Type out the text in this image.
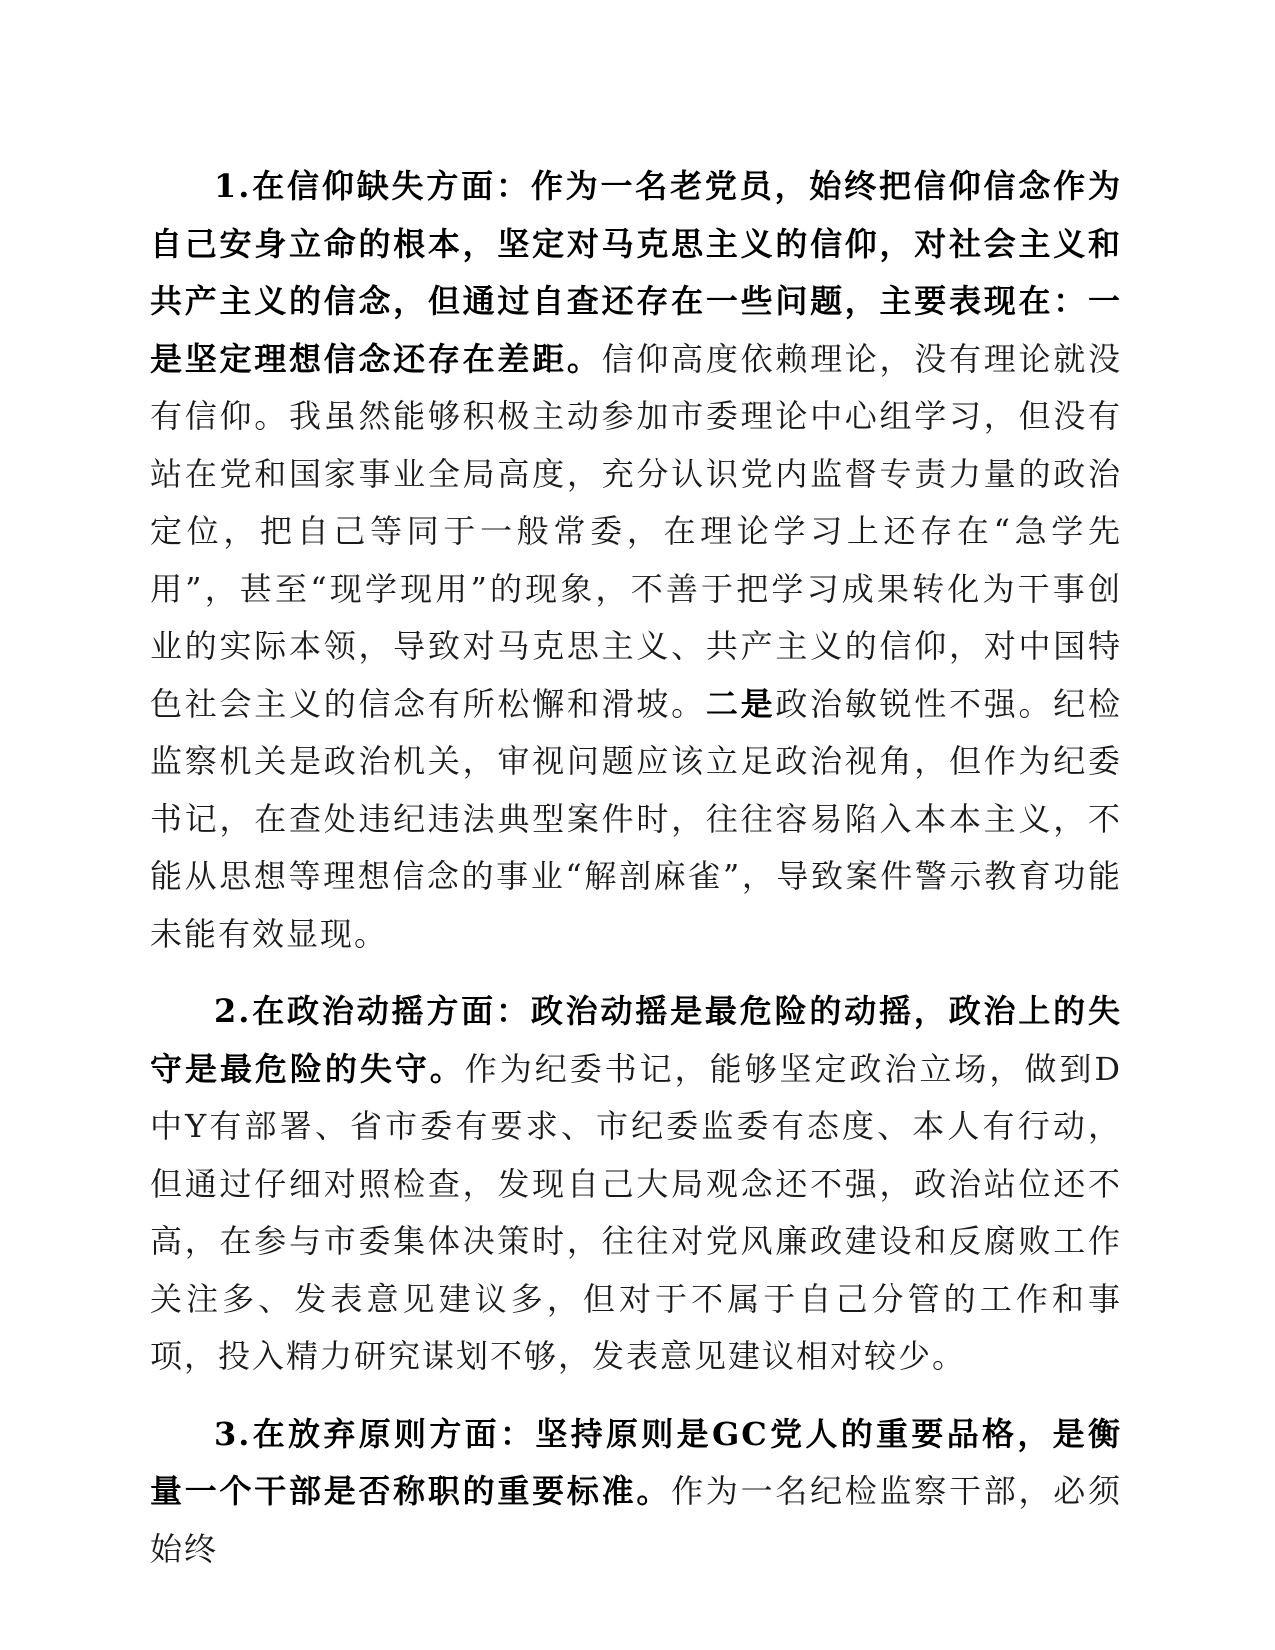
1.在信仰缺失方面：作为一名老党员，始终把信仰信念作为自己安身立命的根本，坚定对马克思主义的信仰，对社会主义和共产主义的信念，但通过自查还存在一些问题，主要表现在：一是坚定理想信念还存在差距。信仰高度依赖理论，没有理论就没有信仰。我虽然能够积极主动参加市委理论中心组学习，但没有站在党和国家事业全局高度，充分认识党内监督专责力量的政治定位，把自己等同于一般常委，在理论学习上还存在“急学先用”，甚至“现学现用”的现象，不善于把学习成果转化为干事创业的实际本领，导致对马克思主义、共产主义的信仰，对中国特色社会主义的信念有所松懈和滑坡。二是政治敏锐性不强。纪检监察机关是政治机关，审视问题应该立足政治视角，但作为纪委书记，在查处违纪违法典型案件时，往往容易陷入本本主义，不能从思想等理想信念的事业“解剖麻雀”，导致案件警示教育功能未能有效显现。

2.在政治动摇方面：政治动摇是最危险的动摇，政治上的失守是最危险的失守。作为纪委书记，能够坚定政治立场，做到D中Y有部署、省市委有要求、市纪委监委有态度、本人有行动，但通过仔细对照检查，发现自己大局观念还不强，政治站位还不高，在参与市委集体决策时，往往对党风廉政建设和反腐败工作关注多、发表意见建议多，但对于不属于自己分管的工作和事项，投入精力研究谋划不够，发表意见建议相对较少。

3.在放弃原则方面：坚持原则是GC党人的重要品格，是衡量一个干部是否称职的重要标准。作为一名纪检监察干部，必须始终
